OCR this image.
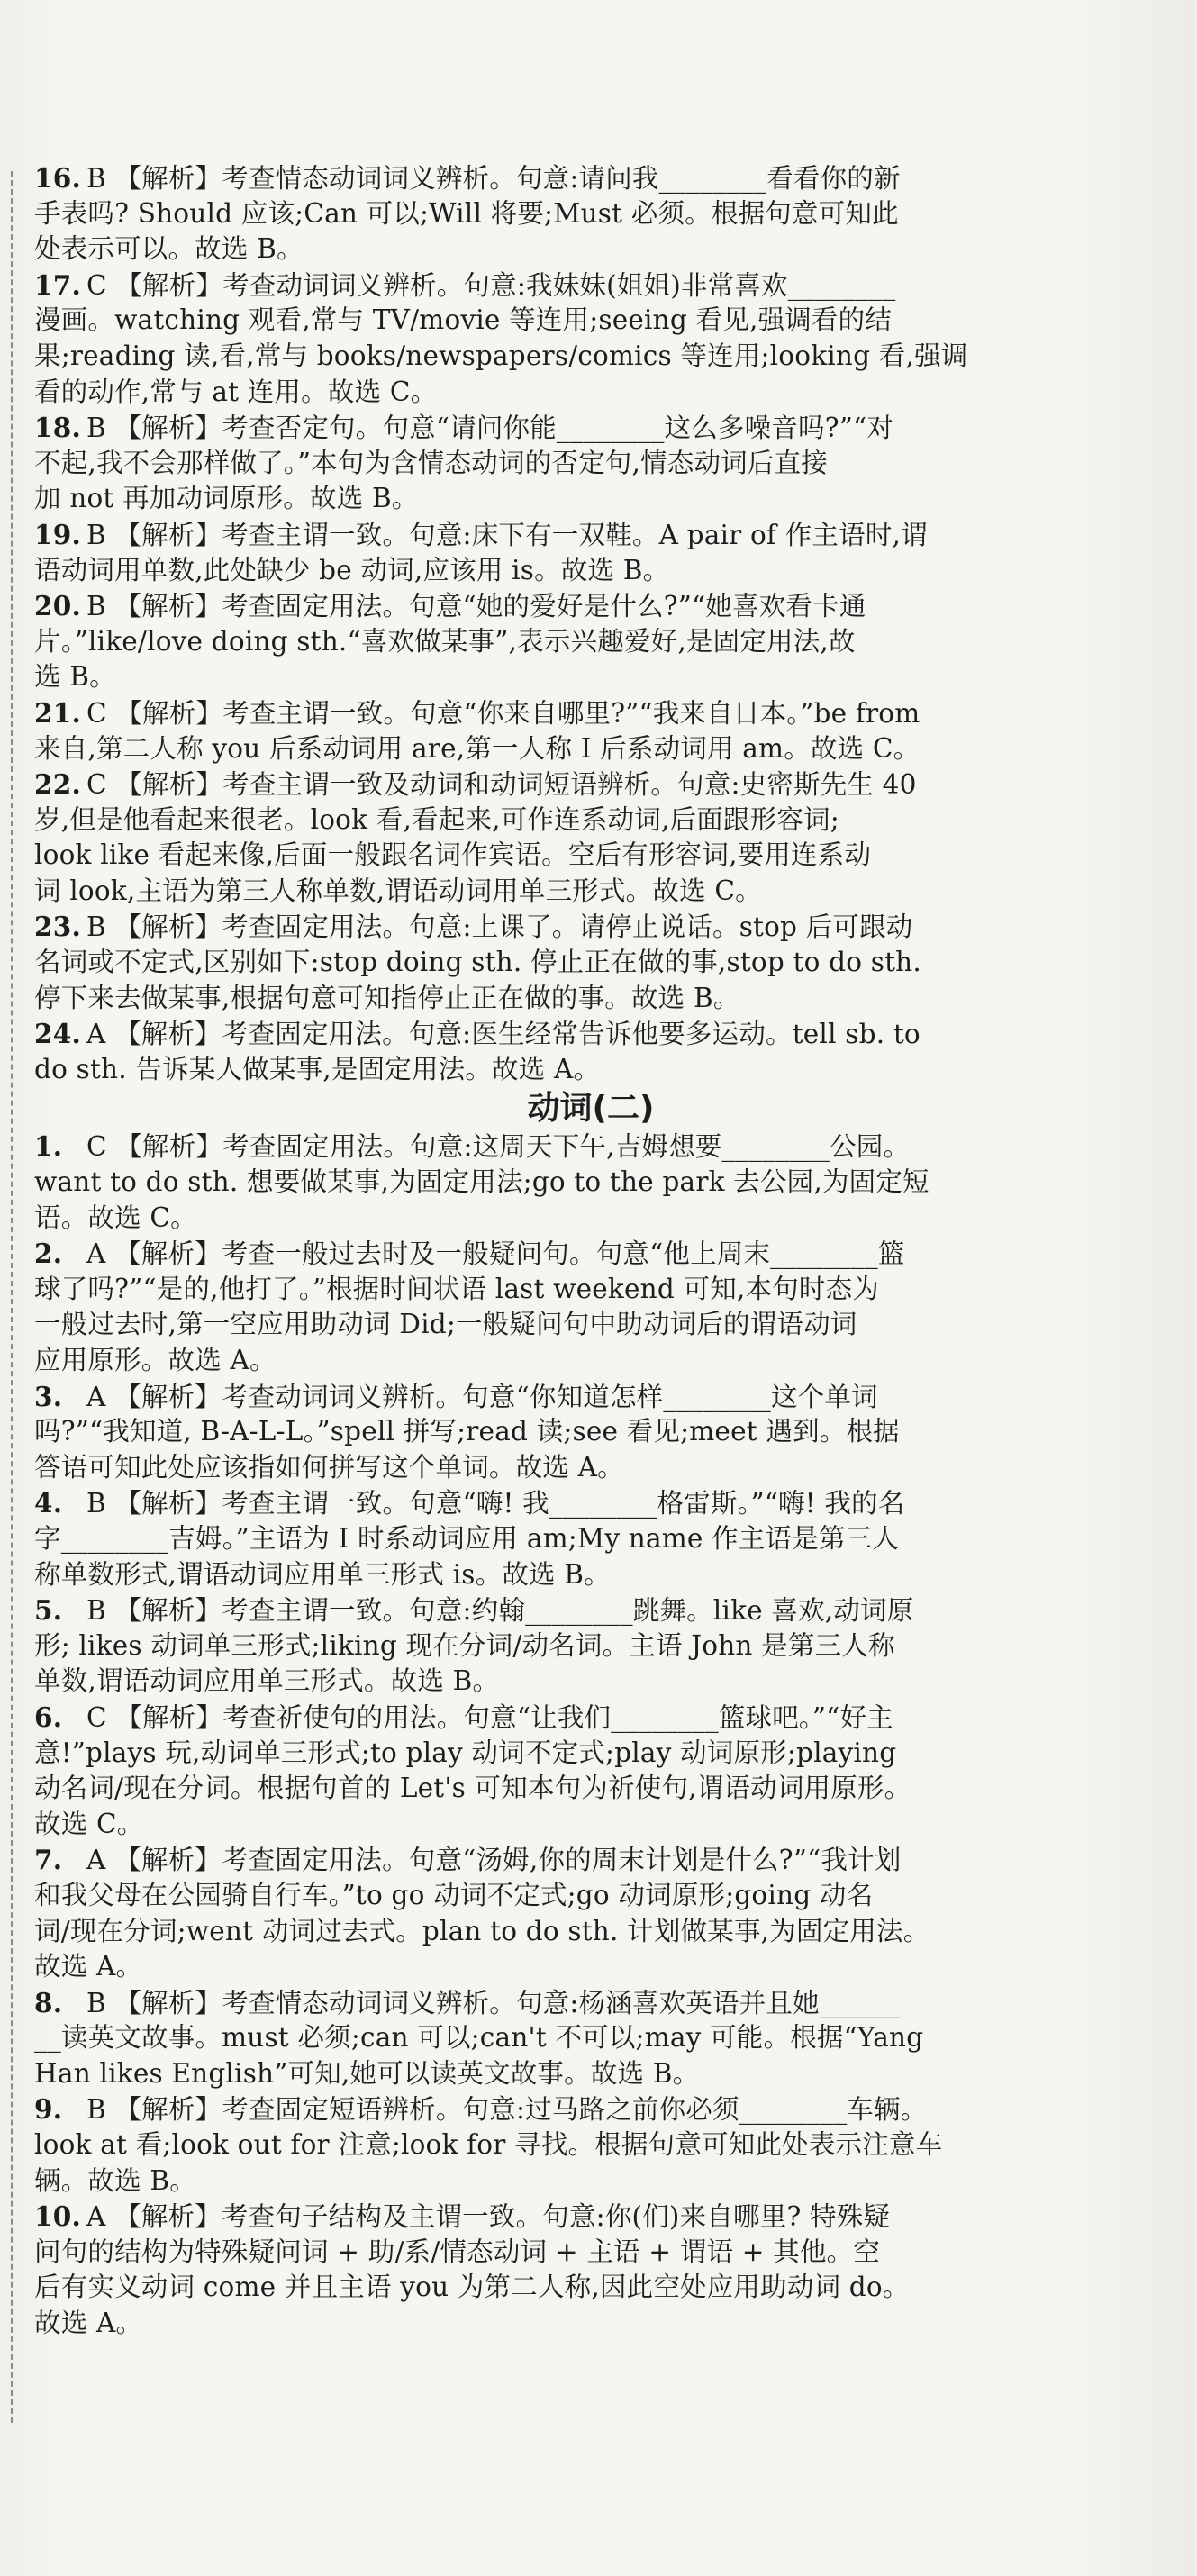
16. B 【解析】考查情态动词词义辨析。句意:请问我________看看你的新
手表吗? Should 应该;Can 可以;Will 将要;Must 必须。根据句意可知此
处表示可以。故选 B。
17. C 【解析】考查动词词义辨析。句意:我妹妹(姐姐)非常喜欢________
漫画。watching 观看,常与 TV/movie 等连用;seeing 看见,强调看的结
果;reading 读,看,常与 books/newspapers/comics 等连用;looking 看,强调
看的动作,常与 at 连用。故选 C。
18. B 【解析】考查否定句。句意“请问你能________这么多噪音吗?”“对
不起,我不会那样做了。”本句为含情态动词的否定句,情态动词后直接
加 not 再加动词原形。故选 B。
19. B 【解析】考查主谓一致。句意:床下有一双鞋。A pair of 作主语时,谓
语动词用单数,此处缺少 be 动词,应该用 is。故选 B。
20. B 【解析】考查固定用法。句意“她的爱好是什么?”“她喜欢看卡通
片。”like/love doing sth.“喜欢做某事”,表示兴趣爱好,是固定用法,故
选 B。
21. C 【解析】考查主谓一致。句意“你来自哪里?”“我来自日本。”be from
来自,第二人称 you 后系动词用 are,第一人称 I 后系动词用 am。故选 C。
22. C 【解析】考查主谓一致及动词和动词短语辨析。句意:史密斯先生 40
岁,但是他看起来很老。look 看,看起来,可作连系动词,后面跟形容词;
look like 看起来像,后面一般跟名词作宾语。空后有形容词,要用连系动
词 look,主语为第三人称单数,谓语动词用单三形式。故选 C。
23. B 【解析】考查固定用法。句意:上课了。请停止说话。stop 后可跟动
名词或不定式,区别如下:stop doing sth. 停止正在做的事,stop to do sth.
停下来去做某事,根据句意可知指停止正在做的事。故选 B。
24. A 【解析】考查固定用法。句意:医生经常告诉他要多运动。tell sb. to
do sth. 告诉某人做某事,是固定用法。故选 A。
动词(二)
1. C 【解析】考查固定用法。句意:这周天下午,吉姆想要________公园。
want to do sth. 想要做某事,为固定用法;go to the park 去公园,为固定短
语。故选 C。
2. A 【解析】考查一般过去时及一般疑问句。句意“他上周末________篮
球了吗?”“是的,他打了。”根据时间状语 last weekend 可知,本句时态为
一般过去时,第一空应用助动词 Did;一般疑问句中助动词后的谓语动词
应用原形。故选 A。
3. A 【解析】考查动词词义辨析。句意“你知道怎样________这个单词
吗?”“我知道, B-A-L-L。”spell 拼写;read 读;see 看见;meet 遇到。根据
答语可知此处应该指如何拼写这个单词。故选 A。
4. B 【解析】考查主谓一致。句意“嗨! 我________格雷斯。”“嗨! 我的名
字________吉姆。”主语为 I 时系动词应用 am;My name 作主语是第三人
称单数形式,谓语动词应用单三形式 is。故选 B。
5. B 【解析】考查主谓一致。句意:约翰________跳舞。like 喜欢,动词原
形; likes 动词单三形式;liking 现在分词/动名词。主语 John 是第三人称
单数,谓语动词应用单三形式。故选 B。
6. C 【解析】考查祈使句的用法。句意“让我们________篮球吧。”“好主
意!”plays 玩,动词单三形式;to play 动词不定式;play 动词原形;playing
动名词/现在分词。根据句首的 Let's 可知本句为祈使句,谓语动词用原形。
故选 C。
7. A 【解析】考查固定用法。句意“汤姆,你的周末计划是什么?”“我计划
和我父母在公园骑自行车。”to go 动词不定式;go 动词原形;going 动名
词/现在分词;went 动词过去式。plan to do sth. 计划做某事,为固定用法。
故选 A。
8. B 【解析】考查情态动词词义辨析。句意:杨涵喜欢英语并且她______
__读英文故事。must 必须;can 可以;can't 不可以;may 可能。根据“Yang
Han likes English”可知,她可以读英文故事。故选 B。
9. B 【解析】考查固定短语辨析。句意:过马路之前你必须________车辆。
look at 看;look out for 注意;look for 寻找。根据句意可知此处表示注意车
辆。故选 B。
10. A 【解析】考查句子结构及主谓一致。句意:你(们)来自哪里? 特殊疑
问句的结构为特殊疑问词 + 助/系/情态动词 + 主语 + 谓语 + 其他。空
后有实义动词 come 并且主语 you 为第二人称,因此空处应用助动词 do。
故选 A。
